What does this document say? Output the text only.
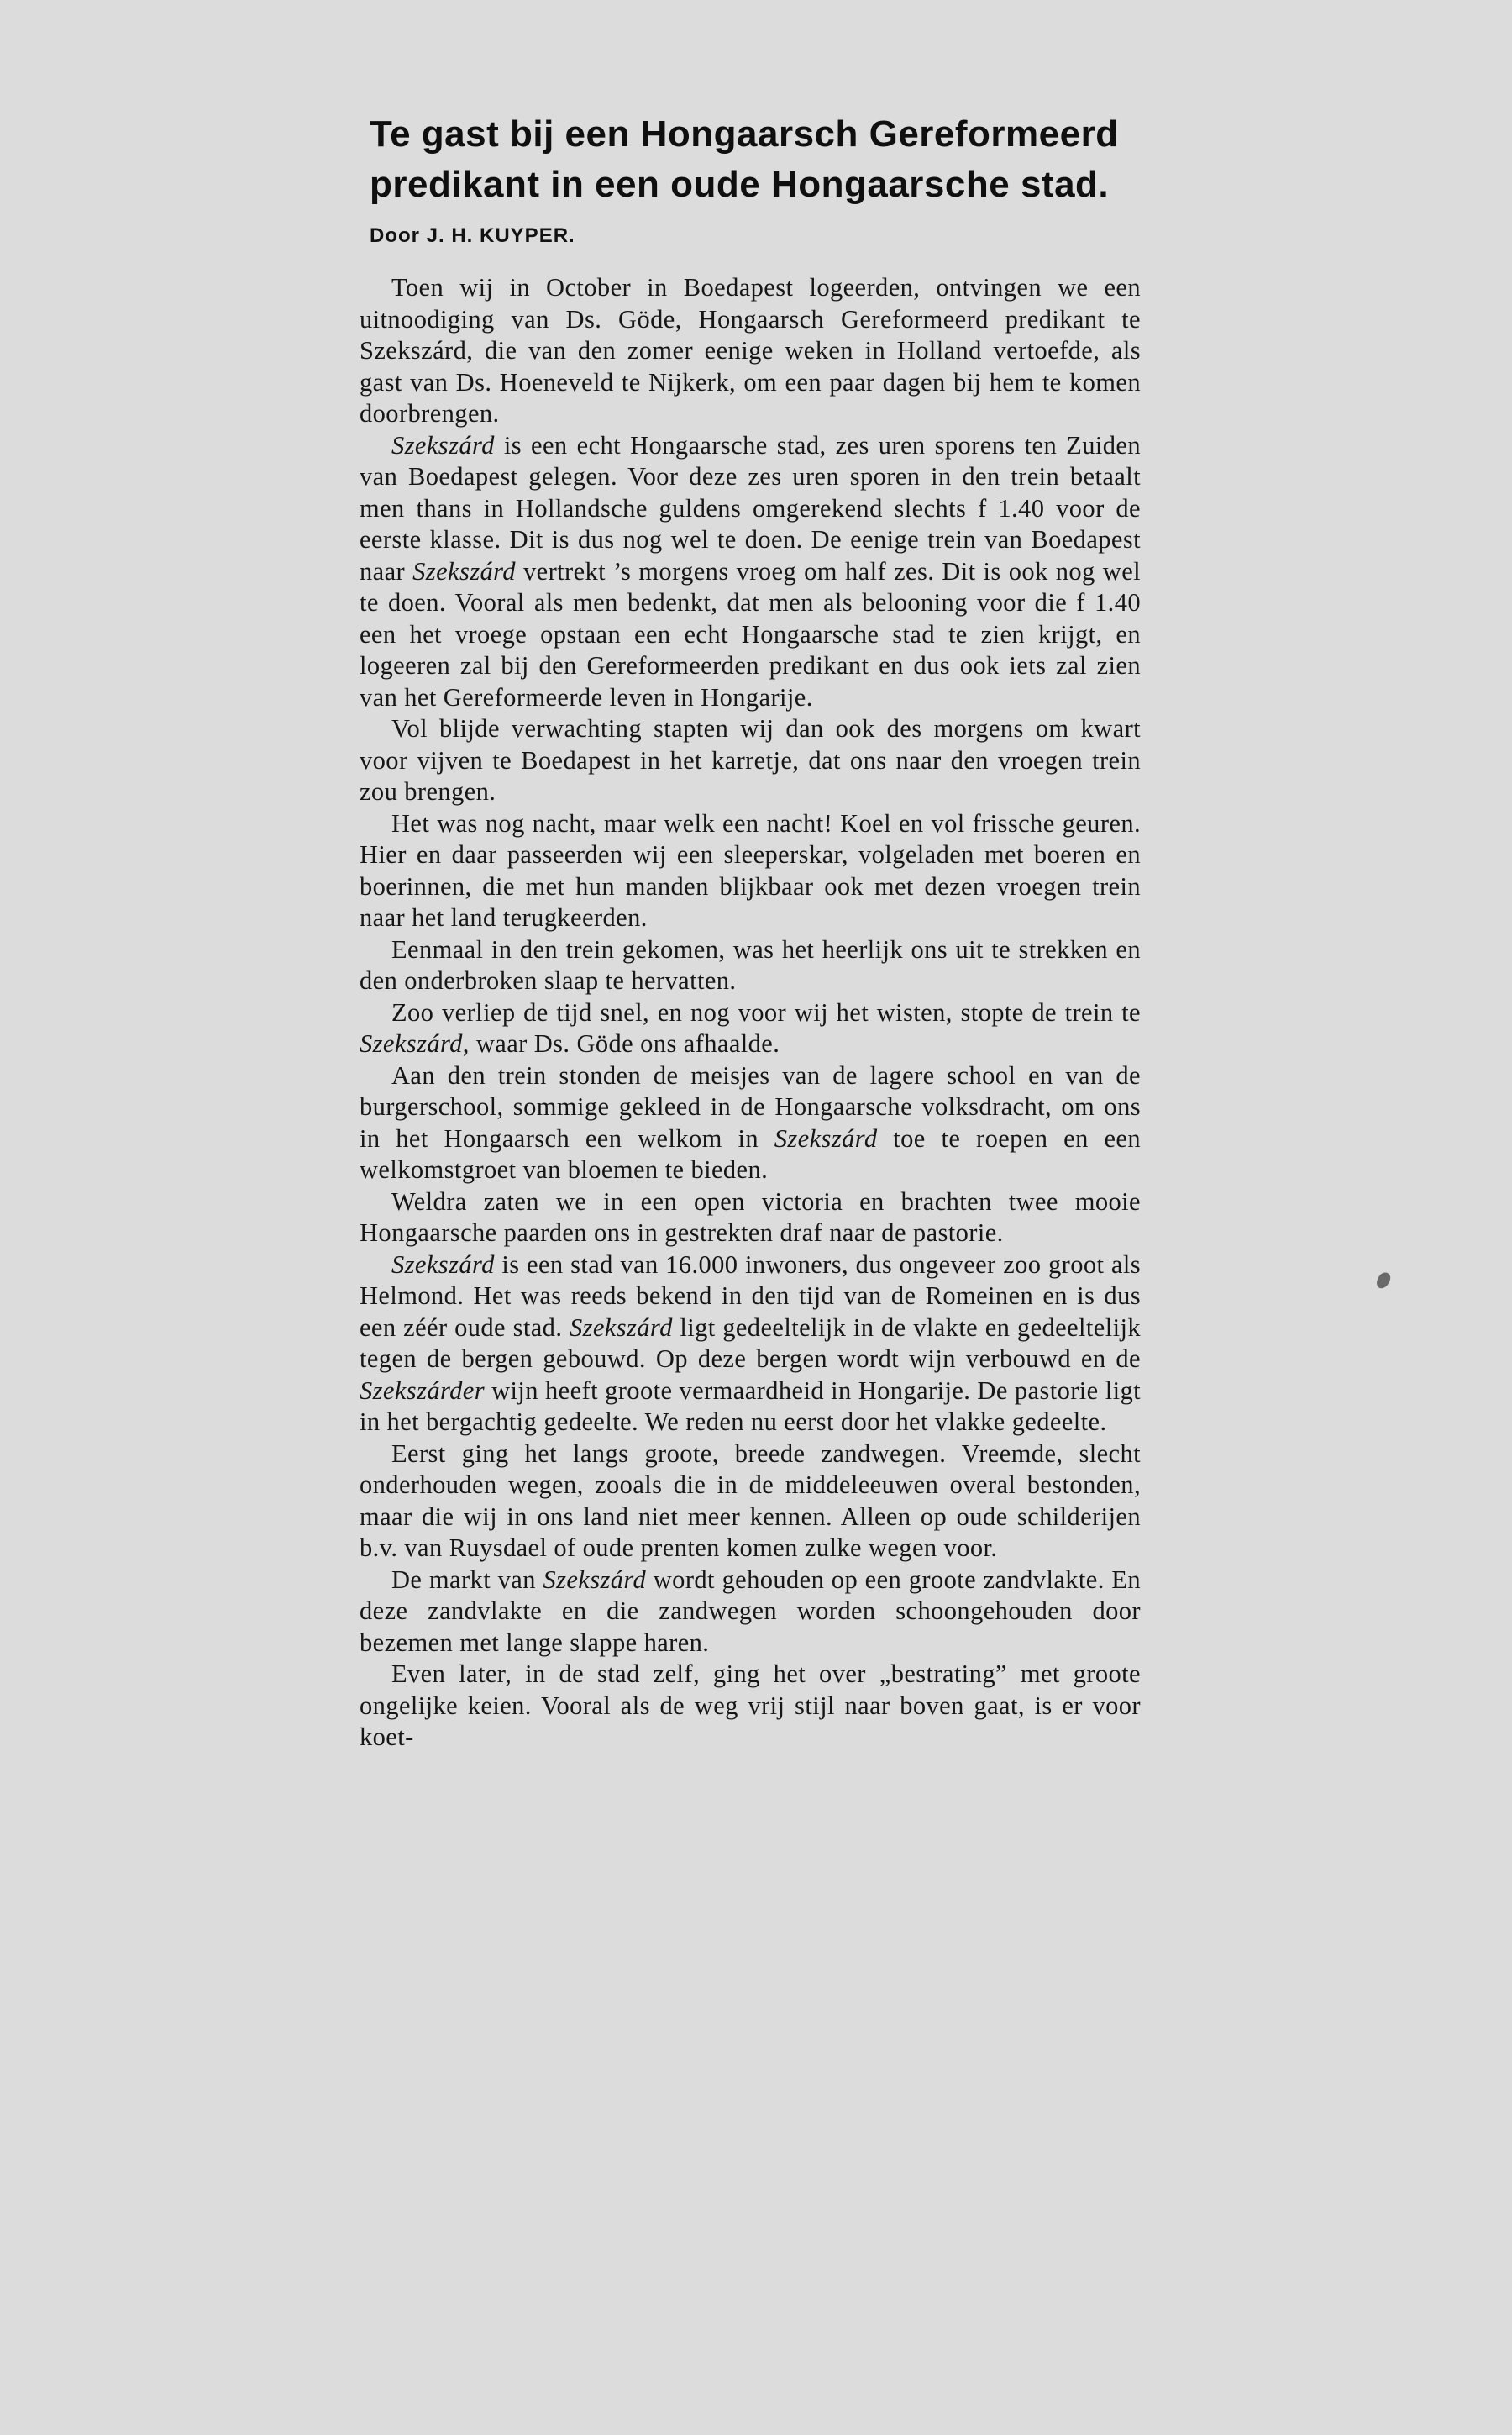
Te gast bij een Hongaarsch Gereformeerd
predikant in een oude Hongaarsche stad.
Door J. H. KUYPER.

Toen wij in October in Boedapest logeerden, ontvingen we een uitnoodiging van Ds. Göde, Hongaarsch Gereformeerd predikant te Szekszárd, die van den zomer eenige weken in Holland vertoefde, als gast van Ds. Hoeneveld te Nijkerk, om een paar dagen bij hem te komen doorbrengen.

Szekszárd is een echt Hongaarsche stad, zes uren sporens ten Zuiden van Boedapest gelegen. Voor deze zes uren sporen in den trein betaalt men thans in Hollandsche guldens omgerekend slechts f 1.40 voor de eerste klasse. Dit is dus nog wel te doen. De eenige trein van Boedapest naar Szekszárd vertrekt ’s morgens vroeg om half zes. Dit is ook nog wel te doen. Vooral als men bedenkt, dat men als belooning voor die f 1.40 een het vroege opstaan een echt Hongaarsche stad te zien krijgt, en logeeren zal bij den Gereformeerden predikant en dus ook iets zal zien van het Gereformeerde leven in Hongarije.

Vol blijde verwachting stapten wij dan ook des morgens om kwart voor vijven te Boedapest in het karretje, dat ons naar den vroegen trein zou brengen.

Het was nog nacht, maar welk een nacht! Koel en vol frissche geuren. Hier en daar passeerden wij een sleeperskar, volgeladen met boeren en boerinnen, die met hun manden blijkbaar ook met dezen vroegen trein naar het land terugkeerden.

Eenmaal in den trein gekomen, was het heerlijk ons uit te strekken en den onderbroken slaap te hervatten.

Zoo verliep de tijd snel, en nog voor wij het wisten, stopte de trein te Szekszárd, waar Ds. Göde ons afhaalde.

Aan den trein stonden de meisjes van de lagere school en van de burgerschool, sommige gekleed in de Hongaarsche volksdracht, om ons in het Hongaarsch een welkom in Szekszárd toe te roepen en een welkomstgroet van bloemen te bieden.

Weldra zaten we in een open victoria en brachten twee mooie Hongaarsche paarden ons in gestrekten draf naar de pastorie.

Szekszárd is een stad van 16.000 inwoners, dus ongeveer zoo groot als Helmond. Het was reeds bekend in den tijd van de Romeinen en is dus een zéér oude stad. Szekszárd ligt gedeeltelijk in de vlakte en gedeeltelijk tegen de bergen gebouwd. Op deze bergen wordt wijn verbouwd en de Szekszárder wijn heeft groote vermaardheid in Hongarije. De pastorie ligt in het bergachtig gedeelte. We reden nu eerst door het vlakke gedeelte.

Eerst ging het langs groote, breede zandwegen. Vreemde, slecht onderhouden wegen, zooals die in de middeleeuwen overal bestonden, maar die wij in ons land niet meer kennen. Alleen op oude schilderijen b.v. van Ruysdael of oude prenten komen zulke wegen voor.

De markt van Szekszárd wordt gehouden op een groote zandvlakte. En deze zandvlakte en die zandwegen worden schoongehouden door bezemen met lange slappe haren.

Even later, in de stad zelf, ging het over „bestrating” met groote ongelijke keien. Vooral als de weg vrij stijl naar boven gaat, is er voor koet-
